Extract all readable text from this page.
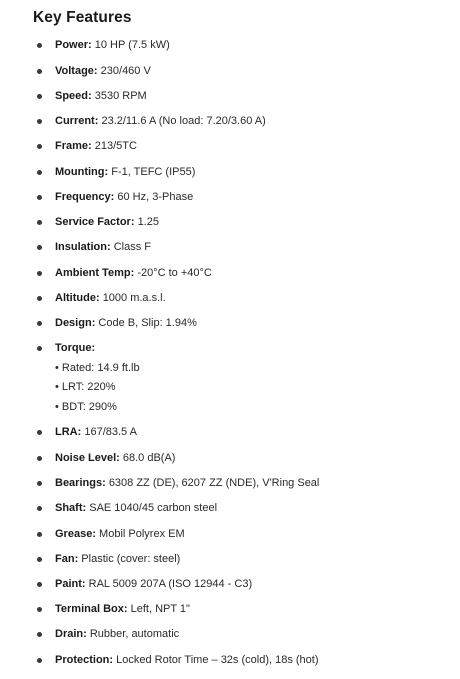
Key Features
Power: 10 HP (7.5 kW)
Voltage: 230/460 V
Speed: 3530 RPM
Current: 23.2/11.6 A (No load: 7.20/3.60 A)
Frame: 213/5TC
Mounting: F-1, TEFC (IP55)
Frequency: 60 Hz, 3-Phase
Service Factor: 1.25
Insulation: Class F
Ambient Temp: -20°C to +40°C
Altitude: 1000 m.a.s.l.
Design: Code B, Slip: 1.94%
Torque:
• Rated: 14.9 ft.lb
• LRT: 220%
• BDT: 290%
LRA: 167/83.5 A
Noise Level: 68.0 dB(A)
Bearings: 6308 ZZ (DE), 6207 ZZ (NDE), V'Ring Seal
Shaft: SAE 1040/45 carbon steel
Grease: Mobil Polyrex EM
Fan: Plastic (cover: steel)
Paint: RAL 5009 207A (ISO 12944 - C3)
Terminal Box: Left, NPT 1"
Drain: Rubber, automatic
Protection: Locked Rotor Time – 32s (cold), 18s (hot)
